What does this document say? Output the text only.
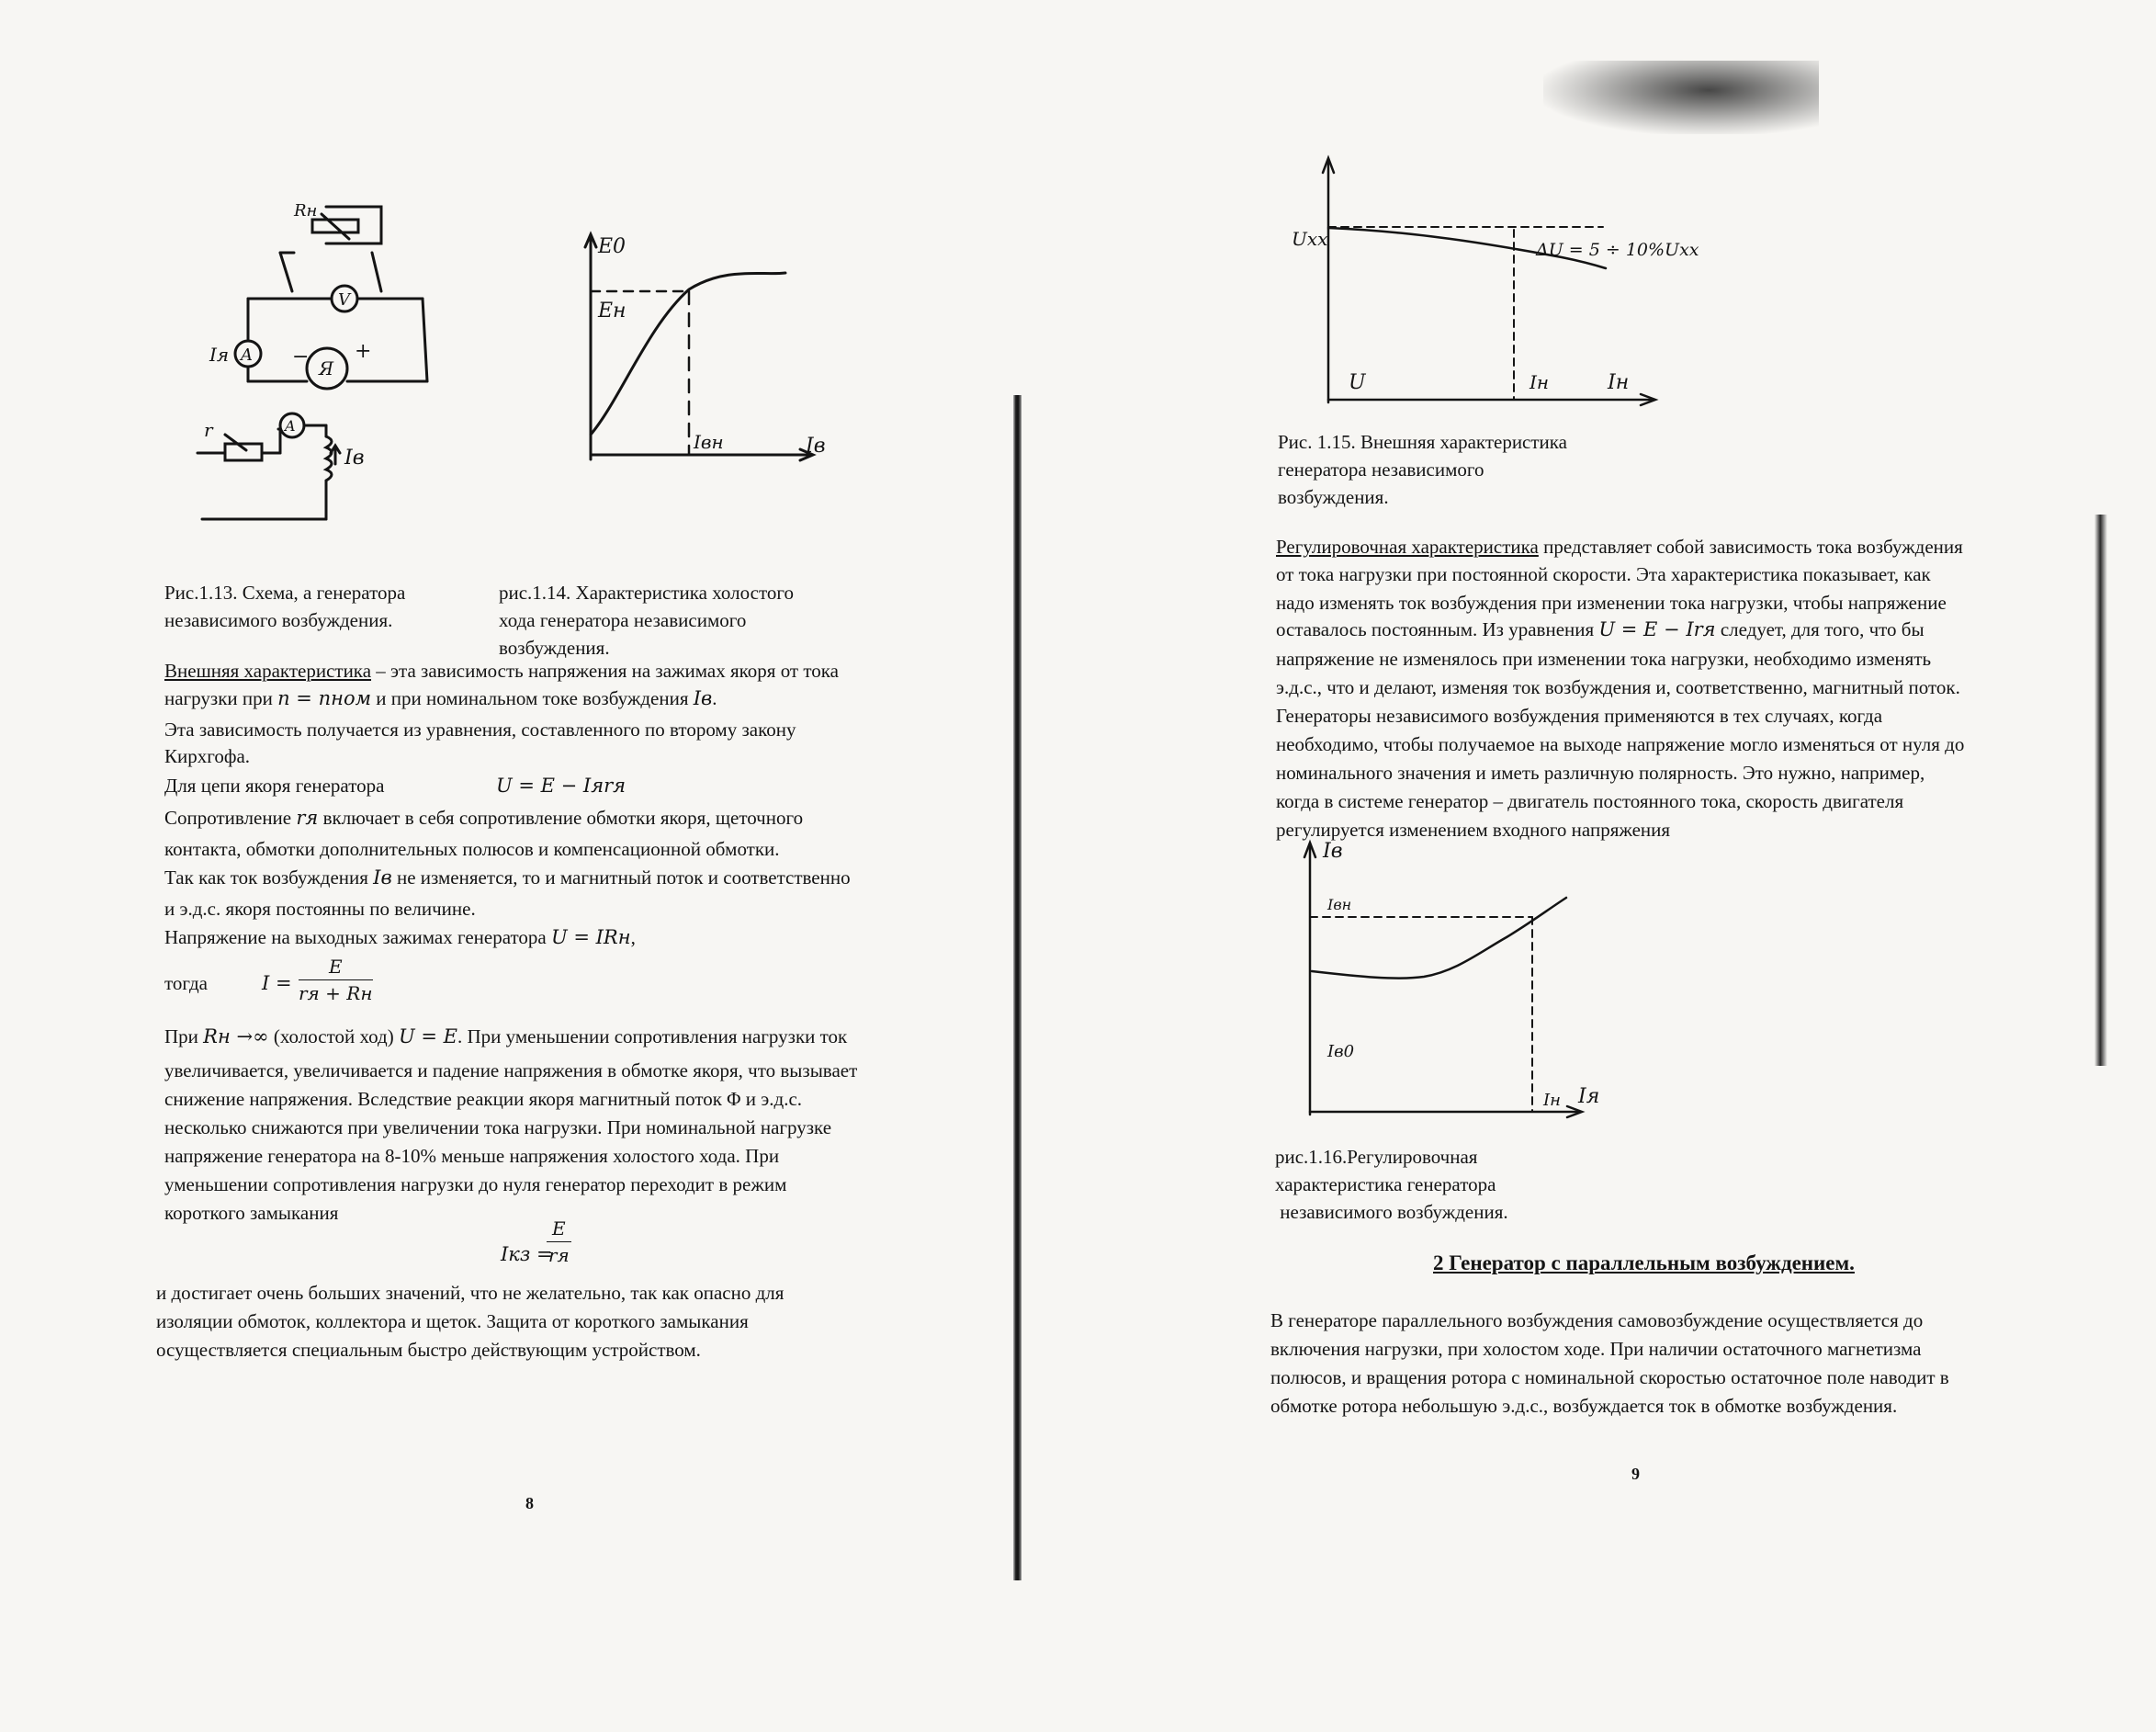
Rн
V
A
Я
Iя	− +
r	A
Iв
E0
Eн
Iвн	Iв
Рис.1.13. Схема, а генератора
независимого возбуждения.
рис.1.14. Характеристика холостого
хода генератора независимого
возбуждения.
Внешняя характеристика – эта зависимость напряжения на зажимах якоря от тока
нагрузки при n = nном и при номинальном токе возбуждения Iв.
Эта зависимость получается из уравнения, составленного по второму закону
Кирхгофа.
Для цепи якоря генератора	U = E − Iяrя
Сопротивление rя включает в себя сопротивление обмотки якоря, щеточного
контакта, обмотки дополнительных полюсов и компенсационной обмотки.
Так как ток возбуждения Iв не изменяется, то и магнитный поток и соответственно
и э.д.с. якоря постоянны по величине.
Напряжение на выходных зажимах генератора U = IRн,
тогда	I =
E
rя + Rн
При Rн →∞ (холостой ход) U = E. При уменьшении сопротивления нагрузки ток
увеличивается, увеличивается и падение напряжения в обмотке якоря, что вызывает
снижение напряжения. Вследствие реакции якоря магнитный поток Φ и э.д.с.
несколько снижаются при увеличении тока нагрузки. При номинальной нагрузке
напряжение генератора на 8-10% меньше напряжения холостого хода. При
уменьшении сопротивления нагрузки до нуля генератор переходит в режим
короткого замыкания
Iкз =
E
rя
и достигает очень больших значений, что не желательно, так как опасно для
изоляции обмоток, коллектора и щеток. Защита от короткого замыкания
осуществляется специальным быстро действующим устройством.
8
Uxx	ΔU = 5 ÷ 10%Uxx
U	Iн	Iн
Рис. 1.15. Внешняя характеристика
генератора независимого
возбуждения.
Регулировочная характеристика представляет собой зависимость тока возбуждения
от тока нагрузки при постоянной скорости. Эта характеристика показывает, как
надо изменять ток возбуждения при изменении тока нагрузки, чтобы напряжение
оставалось постоянным. Из уравнения U = E − Irя следует, для того, что бы
напряжение не изменялось при изменении тока нагрузки, необходимо изменять
э.д.с., что и делают, изменяя ток возбуждения и, соответственно, магнитный поток.
Генераторы независимого возбуждения применяются в тех случаях, когда
необходимо, чтобы получаемое на выходе напряжение могло изменяться от нуля до
номинального значения и иметь различную полярность. Это нужно, например,
когда в системе генератор – двигатель постоянного тока, скорость двигателя
регулируется изменением входного напряжения
Iв
Iвн
Iв0
Iн Iя
рис.1.16.Регулировочная
характеристика генератора
независимого возбуждения.
2 Генератор с параллельным возбуждением.
В генераторе параллельного возбуждения самовозбуждение осуществляется до
включения нагрузки, при холостом ходе. При наличии остаточного магнетизма
полюсов, и вращения ротора с номинальной скоростью остаточное поле наводит в
обмотке ротора небольшую э.д.с., возбуждается ток в обмотке возбуждения.
9
